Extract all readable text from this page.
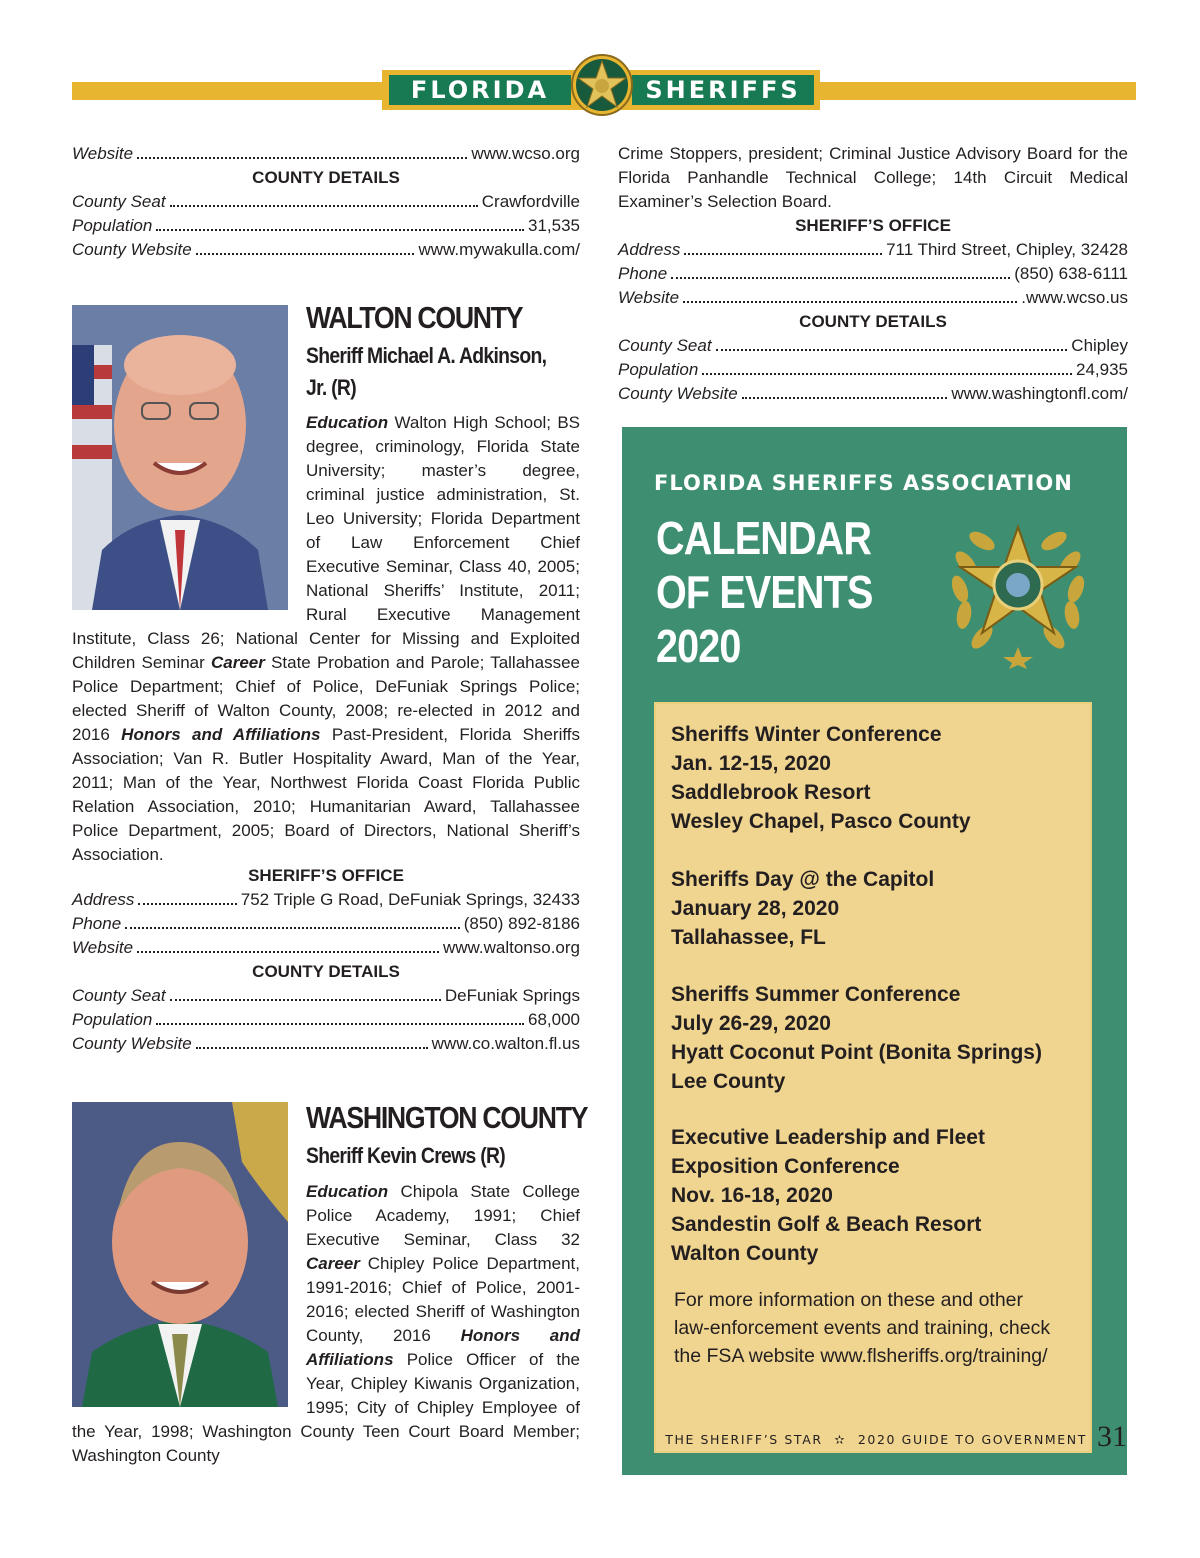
FLORIDA	SHERIFFS
Website	www.wcso.org
COUNTY DETAILS
County Seat	Crawfordville
Population	31,535
County Website	www.mywakulla.com/
WALTON COUNTY
Sheriff Michael A. Adkinson,
Jr. (R)
Education Walton High School; BS degree, criminology, Florida State University; master’s degree, criminal justice administration, St. Leo University; Florida Department of Law Enforcement Chief Executive Seminar, Class 40, 2005; National Sheriffs’ Institute, 2011; Rural Executive Management Institute, Class 26; National Center for Missing and Exploited Children Seminar Career State Probation and Parole; Tallahassee Police Department; Chief of Police, DeFuniak Springs Police; elected Sheriff of Walton County, 2008; re-elected in 2012 and 2016 Honors and Affiliations Past-President, Florida Sheriffs Association; Van R. Butler Hospitality Award, Man of the Year, 2011; Man of the Year, Northwest Florida Coast Florida Public Relation Association, 2010; Humanitarian Award, Tallahassee Police Department, 2005; Board of Directors, National Sheriff’s Association.
SHERIFF’S OFFICE
Address	752 Triple G Road, DeFuniak Springs, 32433
Phone	(850) 892-8186
Website	www.waltonso.org
COUNTY DETAILS
County Seat	DeFuniak Springs
Population	68,000
County Website	www.co.walton.fl.us
WASHINGTON COUNTY
Sheriff Kevin Crews (R)
Education Chipola State College Police Academy, 1991; Chief Executive Seminar, Class 32 Career Chipley Police Department, 1991-2016; Chief of Police, 2001-2016; elected Sheriff of Washington County, 2016 Honors and Affiliations Police Officer of the Year, Chipley Kiwanis Organization, 1995; City of Chipley Employee of the Year, 1998; Washington County Teen Court Board Member; Washington County
Crime Stoppers, president; Criminal Justice Advisory Board for the Florida Panhandle Technical College; 14th Circuit Medical Examiner’s Selection Board.
SHERIFF’S OFFICE
Address	711 Third Street, Chipley, 32428
Phone	(850) 638-6111
Website	.www.wcso.us
COUNTY DETAILS
County Seat	Chipley
Population	24,935
County Website	www.washingtonfl.com/
FLORIDA SHERIFFS ASSOCIATION
CALENDAR
OF EVENTS
2020
Sheriffs Winter Conference
Jan. 12-15, 2020
Saddlebrook Resort
Wesley Chapel, Pasco County
Sheriffs Day @ the Capitol
January 28, 2020
Tallahassee, FL
Sheriffs Summer Conference
July 26-29, 2020
Hyatt Coconut Point (Bonita Springs)
Lee County
Executive Leadership and Fleet
Exposition Conference
Nov. 16-18, 2020
Sandestin Golf & Beach Resort
Walton County
For more information on these and other
law-enforcement events and training, check
the FSA website www.flsheriffs.org/training/
THE SHERIFF’S STAR ✫ 2020 GUIDE TO GOVERNMENT 31
